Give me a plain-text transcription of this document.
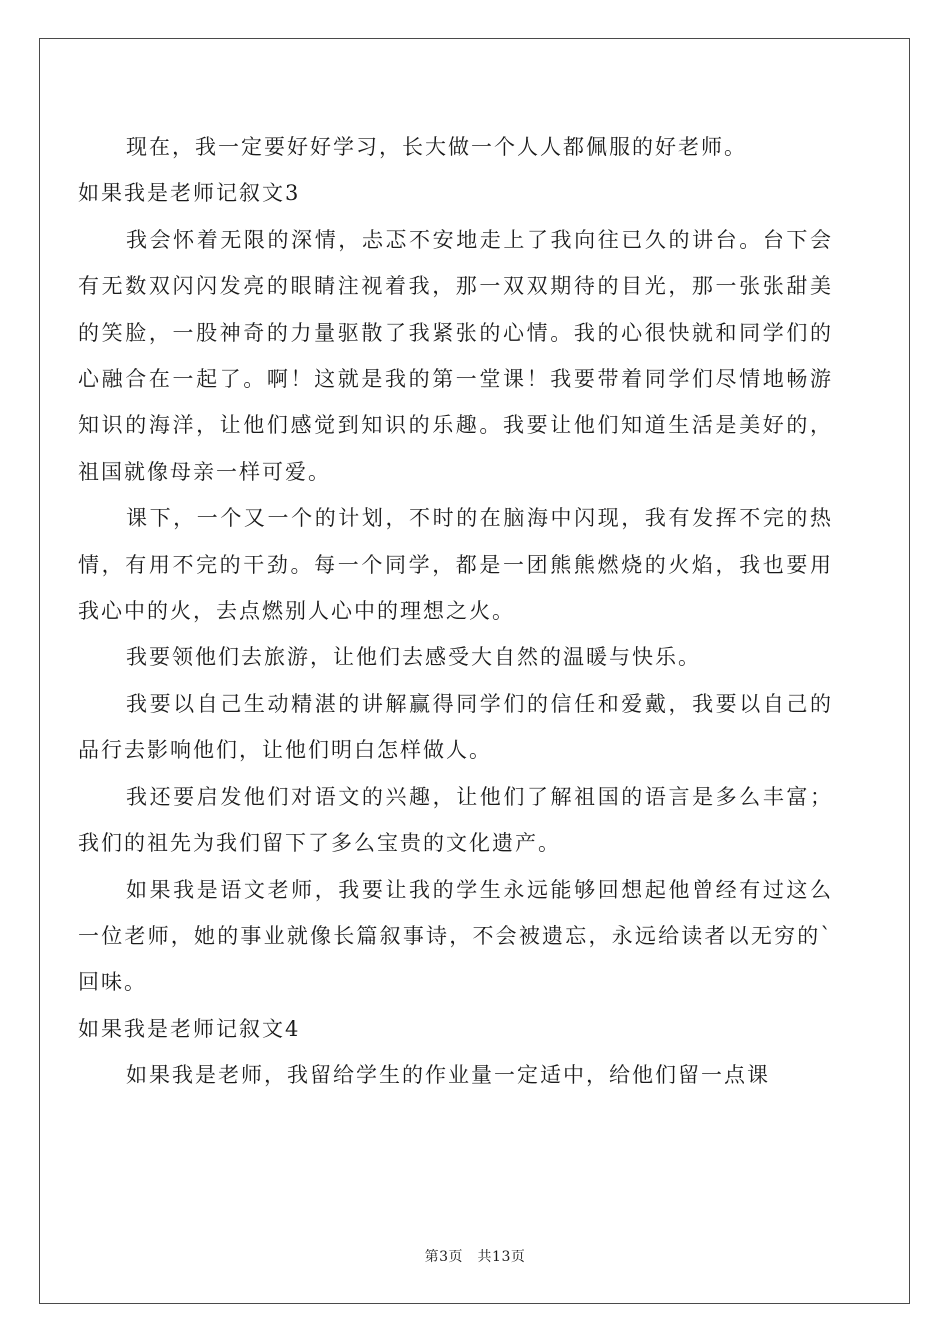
现在，我一定要好好学习，长大做一个人人都佩服的好老师。

如果我是老师记叙文3

我会怀着无限的深情，忐忑不安地走上了我向往已久的讲台。台下会有无数双闪闪发亮的眼睛注视着我，那一双双期待的目光，那一张张甜美的笑脸，一股神奇的力量驱散了我紧张的心情。我的心很快就和同学们的心融合在一起了。啊！这就是我的第一堂课！我要带着同学们尽情地畅游知识的海洋，让他们感觉到知识的乐趣。我要让他们知道生活是美好的，祖国就像母亲一样可爱。

课下，一个又一个的计划，不时的在脑海中闪现，我有发挥不完的热情，有用不完的干劲。每一个同学，都是一团熊熊燃烧的火焰，我也要用我心中的火，去点燃别人心中的理想之火。

我要领他们去旅游，让他们去感受大自然的温暖与快乐。

我要以自己生动精湛的讲解赢得同学们的信任和爱戴，我要以自己的品行去影响他们，让他们明白怎样做人。

我还要启发他们对语文的兴趣，让他们了解祖国的语言是多么丰富；我们的祖先为我们留下了多么宝贵的文化遗产。

如果我是语文老师，我要让我的学生永远能够回想起他曾经有过这么一位老师，她的事业就像长篇叙事诗，不会被遗忘，永远给读者以无穷的`回味。

如果我是老师记叙文4

如果我是老师，我留给学生的作业量一定适中，给他们留一点课

第3页　共13页
